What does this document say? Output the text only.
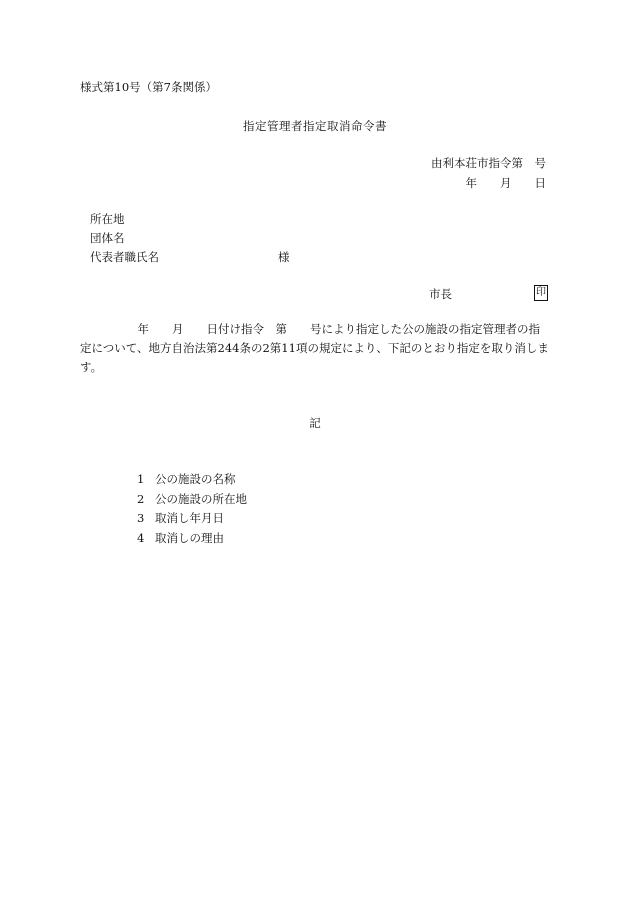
様式第10号（第7条関係）
指定管理者指定取消命令書
由利本荘市指令第　号
年　　月　　日
所在地
団体名
代表者職氏名	様
市長	印
　　　　　年　　月　　日付け指令　第　　号により指定した公の施設の指定管理者の指定について、地方自治法第244条の2第11項の規定により、下記のとおり指定を取り消します。
記
1 公の施設の名称
2 公の施設の所在地
3 取消し年月日
4 取消しの理由
